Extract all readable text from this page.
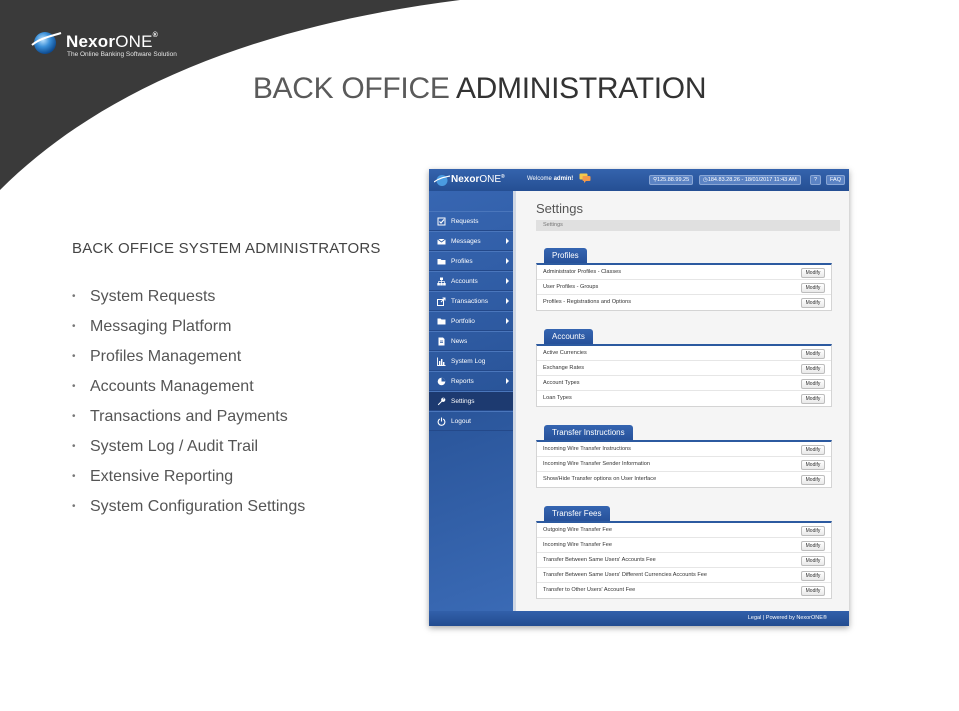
NexorONE®
The Online Banking Software Solution
BACK OFFICE ADMINISTRATION
BACK OFFICE SYSTEM ADMINISTRATORS
• System Requests
• Messaging Platform
• Profiles Management
• Accounts Management
• Transactions and Payments
• System Log / Audit Trail
• Extensive Reporting
• System Configuration Settings
NexorONE®	Welcome admin!	⚲125.88.99.25	◷184.83.28.26 - 18/01/2017 11:43 AM	?	FAQ
Requests
Messages
Profiles
Accounts
Transactions
Portfolio
News
System Log
Reports
Settings
Logout
Settings
Settings
Profiles
Administrator Profiles - Classes	Modify
User Profiles - Groups	Modify
Profiles - Registrations and Options	Modify
Accounts
Active Currencies	Modify
Exchange Rates	Modify
Account Types	Modify
Loan Types	Modify
Transfer Instructions
Incoming Wire Transfer Instructions	Modify
Incoming Wire Transfer Sender Information	Modify
Show/Hide Transfer options on User Interface	Modify
Transfer Fees
Outgoing Wire Transfer Fee	Modify
Incoming Wire Transfer Fee	Modify
Transfer Between Same Users' Accounts Fee	Modify
Transfer Between Same Users' Different Currencies Accounts Fee	Modify
Transfer to Other Users' Account Fee	Modify
Legal | Powered by NexorONE®
